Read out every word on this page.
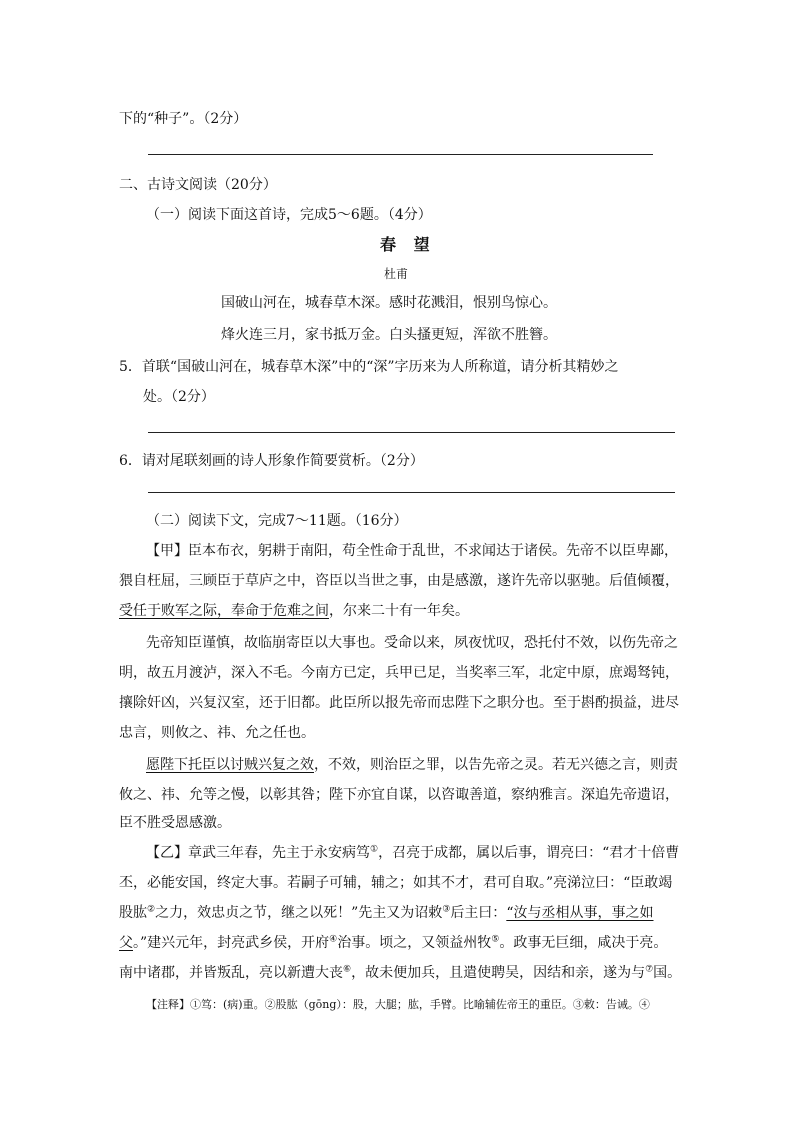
下的“种子”。（2分）
二、古诗文阅读（20分）
（一）阅读下面这首诗，完成5～6题。（4分）
春 望
杜甫
国破山河在，城春草木深。感时花溅泪，恨别鸟惊心。
烽火连三月，家书抵万金。白头搔更短，浑欲不胜簪。
5．首联“国破山河在，城春草木深”中的“深”字历来为人所称道，请分析其精妙之
处。（2分）
6．请对尾联刻画的诗人形象作简要赏析。（2分）
（二）阅读下文，完成7～11题。（16分）
【甲】臣本布衣，躬耕于南阳，苟全性命于乱世，不求闻达于诸侯。先帝不以臣卑鄙，
猥自枉屈，三顾臣于草庐之中，咨臣以当世之事，由是感激，遂许先帝以驱驰。后值倾覆，
受任于败军之际，奉命于危难之间，尔来二十有一年矣。
先帝知臣谨慎，故临崩寄臣以大事也。受命以来，夙夜忧叹，恐托付不效，以伤先帝之
明，故五月渡泸，深入不毛。今南方已定，兵甲已足，当奖率三军，北定中原，庶竭驽钝，
攘除奸凶，兴复汉室，还于旧都。此臣所以报先帝而忠陛下之职分也。至于斟酌损益，进尽
忠言，则攸之、祎、允之任也。
愿陛下托臣以讨贼兴复之效，不效，则治臣之罪，以告先帝之灵。若无兴德之言，则责
攸之、祎、允等之慢，以彰其咎；陛下亦宜自谋，以咨诹善道，察纳雅言。深追先帝遗诏，
臣不胜受恩感激。
【乙】章武三年春，先主于永安病笃①，召亮于成都，属以后事，谓亮曰：“君才十倍曹
丕，必能安国，终定大事。若嗣子可辅，辅之；如其不才，君可自取。”亮涕泣曰：“臣敢竭
股肱②之力，效忠贞之节，继之以死！”先主又为诏敕③后主曰：“汝与丞相从事，事之如
父。”建兴元年，封亮武乡侯，开府④治事。顷之，又领益州牧⑤。政事无巨细，咸决于亮。
南中诸郡，并皆叛乱，亮以新遭大丧⑥，故未便加兵，且遣使聘吴，因结和亲，遂为与⑦国。
【注释】①笃：(病)重。②股肱（gōng）：股，大腿；肱，手臂。比喻辅佐帝王的重臣。③敕：告诫。④
